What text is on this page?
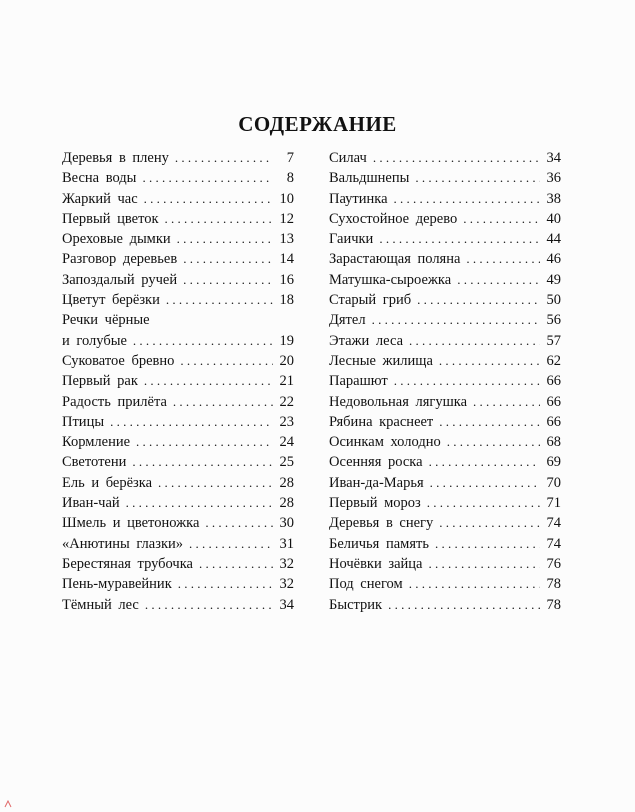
СОДЕРЖАНИЕ
Деревья в плену . . .	7
Весна воды . . .	8
Жаркий час . . .	10
Первый цветок . . .	12
Ореховые дымки . . .	13
Разговор деревьев . . .	14
Запоздалый ручей . . .	16
Цветут берёзки . . .	18
Речки чёрные
и голубые . . .	19
Суковатое бревно . . .	20
Первый рак . . .	21
Радость прилёта . . .	22
Птицы . . .	23
Кормление . . .	24
Светотени . . .	25
Ель и берёзка . . .	28
Иван-чай . . .	28
Шмель и цветоножка . . .	30
«Анютины глазки» . . .	31
Берестяная трубочка . . .	32
Пень-муравейник . . .	32
Тёмный лес . . .	34
Силач . . .	34
Вальдшнепы . . .	36
Паутинка . . .	38
Сухостойное дерево . . .	40
Гаички . . .	44
Зарастающая поляна . . .	46
Матушка-сыроежка . . .	49
Старый гриб . . .	50
Дятел . . .	56
Этажи леса . . .	57
Лесные жилища . . .	62
Парашют . . .	66
Недовольная лягушка . . .	66
Рябина краснеет . . .	66
Осинкам холодно . . .	68
Осенняя роска . . .	69
Иван-да-Марья . . .	70
Первый мороз . . .	71
Деревья в снегу . . .	74
Беличья память . . .	74
Ночёвки зайца . . .	76
Под снегом . . .	78
Быстрик . . .	78
